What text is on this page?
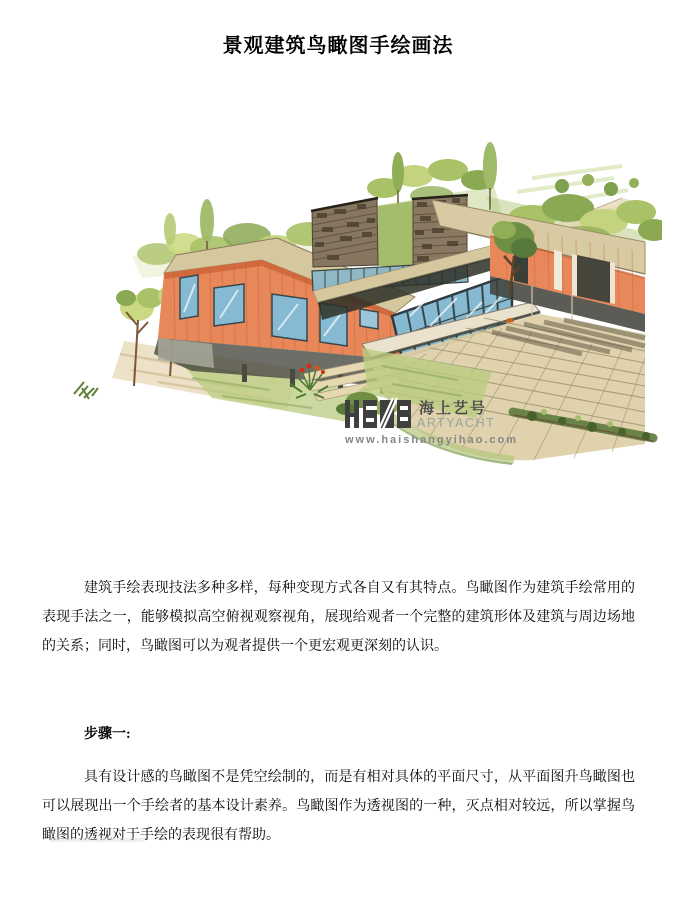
景观建筑鸟瞰图手绘画法
海上艺号
ARTYACHT
www.haishangyihao.com

建筑手绘表现技法多种多样，每种变现方式各自又有其特点。鸟瞰图作为建筑手绘常用的表现手法之一，能够模拟高空俯视观察视角，展现给观者一个完整的建筑形体及建筑与周边场地的关系；同时，鸟瞰图可以为观者提供一个更宏观更深刻的认识。

步骤一:

具有设计感的鸟瞰图不是凭空绘制的，而是有相对具体的平面尺寸，从平面图升鸟瞰图也可以展现出一个手绘者的基本设计素养。鸟瞰图作为透视图的一种，灭点相对较远，所以掌握鸟瞰图的透视对于手绘的表现很有帮助。
